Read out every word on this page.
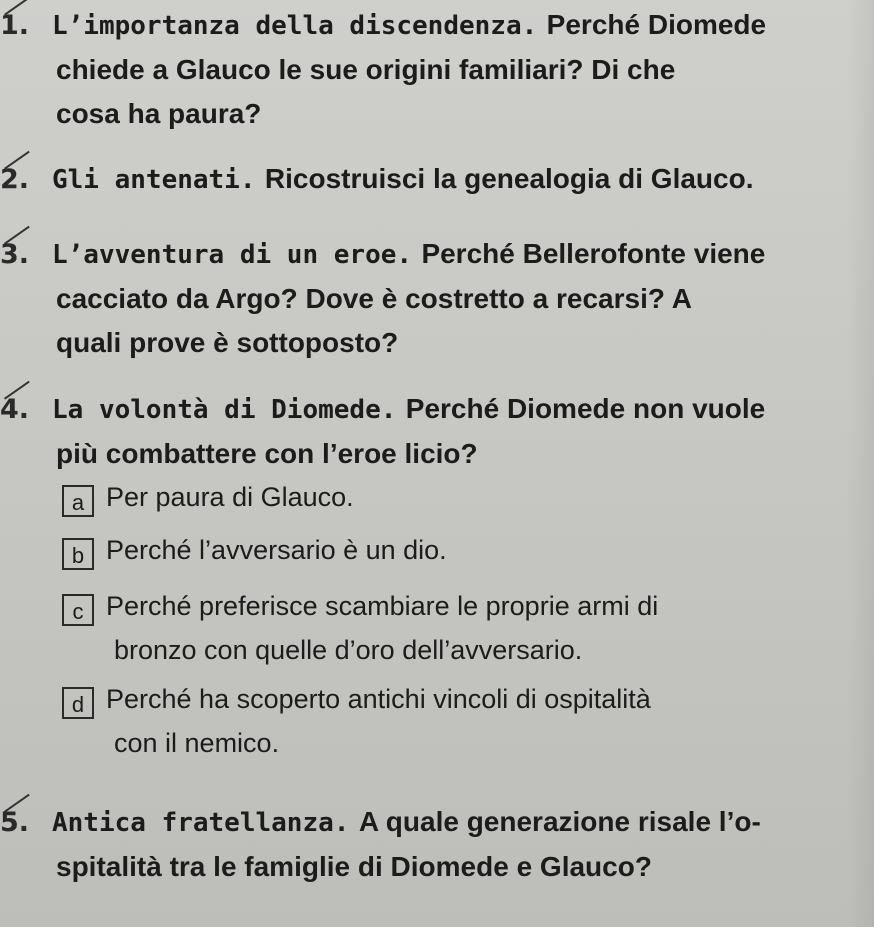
1. L’importanza della discendenza. Perché Diomede
chiede a Glauco le sue origini familiari? Di che
cosa ha paura?
2. Gli antenati. Ricostruisci la genealogia di Glauco.
3. L’avventura di un eroe. Perché Bellerofonte viene
cacciato da Argo? Dove è costretto a recarsi? A
quali prove è sottoposto?
4. La volontà di Diomede. Perché Diomede non vuole
più combattere con l’eroe licio?
a Per paura di Glauco.
b Perché l’avversario è un dio.
c Perché preferisce scambiare le proprie armi di
bronzo con quelle d’oro dell’avversario.
d Perché ha scoperto antichi vincoli di ospitalità
con il nemico.
5. Antica fratellanza. A quale generazione risale l’o-
spitalità tra le famiglie di Diomede e Glauco?
